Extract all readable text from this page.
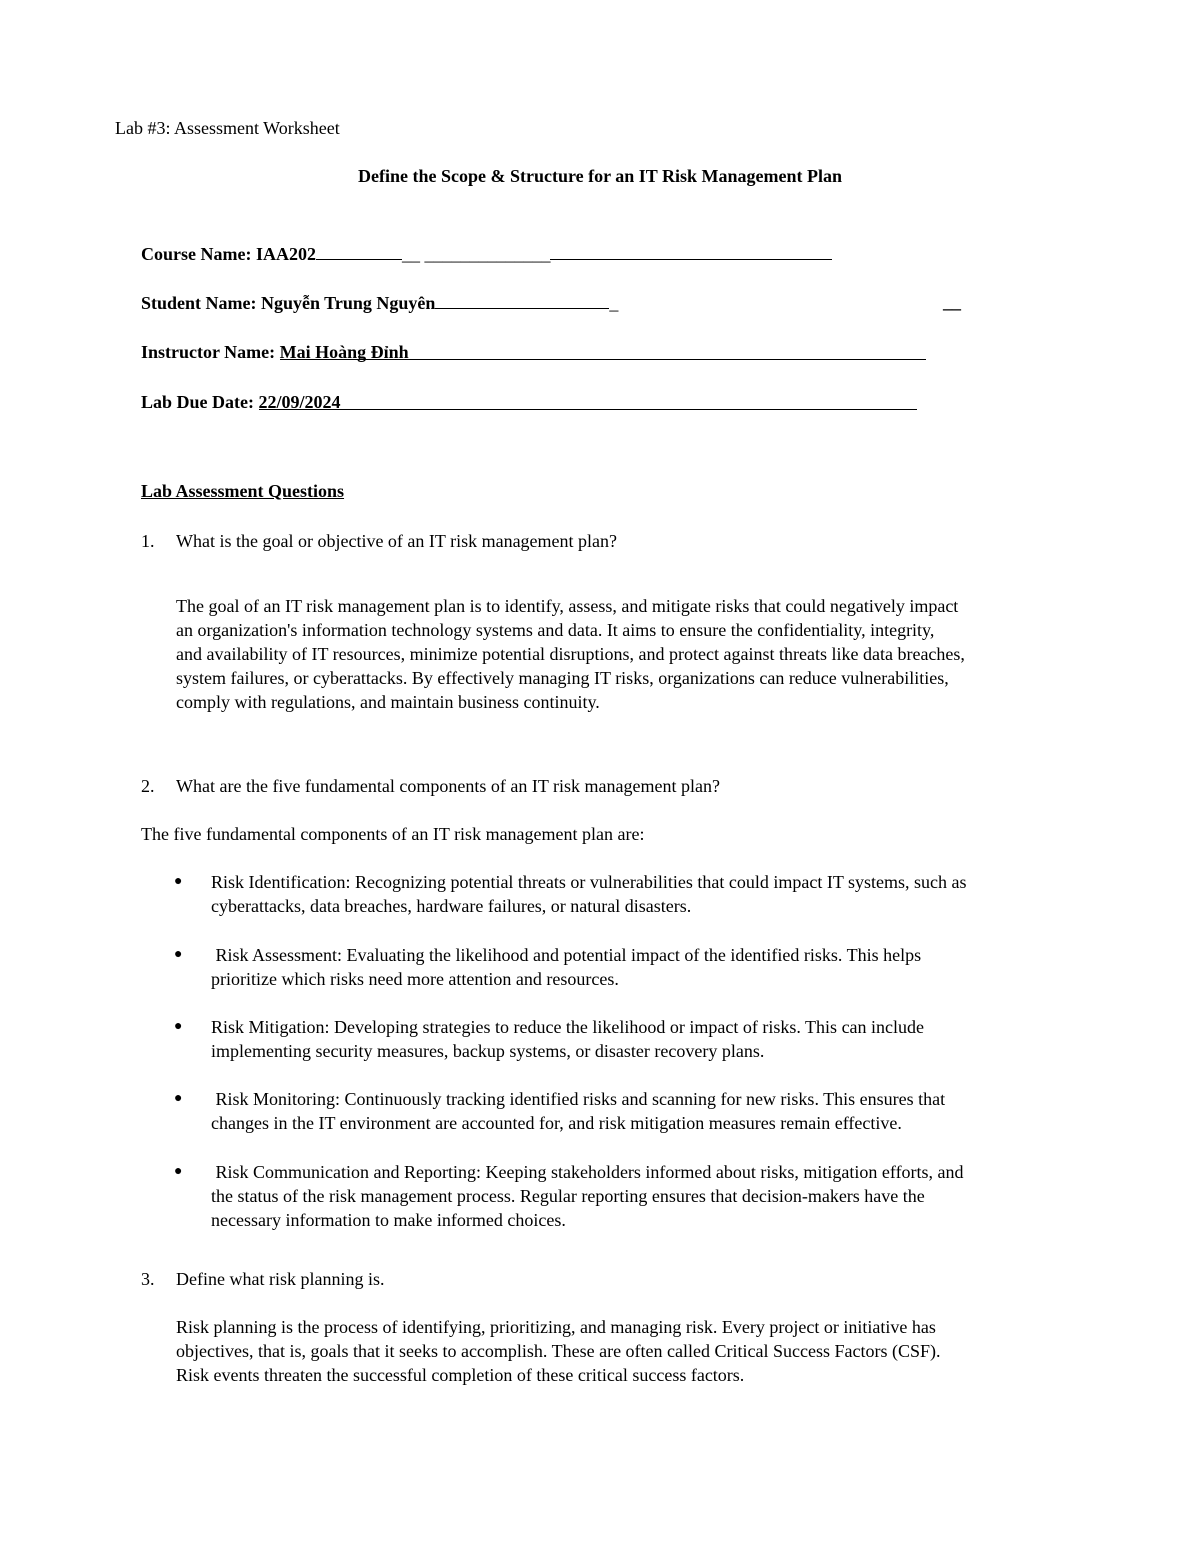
Lab #3: Assessment Worksheet
Define the Scope & Structure for an IT Risk Management Plan
Course Name: IAA202	__ ______________
Student Name: Nguyễn Trung Nguyên	_	__
Instructor Name: Mai Hoàng Đỉnh
Lab Due Date: 22/09/2024
Lab Assessment Questions
1. What is the goal or objective of an IT risk management plan?
The goal of an IT risk management plan is to identify, assess, and mitigate risks that could negatively impact
an organization's information technology systems and data. It aims to ensure the confidentiality, integrity,
and availability of IT resources, minimize potential disruptions, and protect against threats like data breaches,
system failures, or cyberattacks. By effectively managing IT risks, organizations can reduce vulnerabilities,
comply with regulations, and maintain business continuity.
2. What are the five fundamental components of an IT risk management plan?
The five fundamental components of an IT risk management plan are:
● Risk Identification: Recognizing potential threats or vulnerabilities that could impact IT systems, such as
cyberattacks, data breaches, hardware failures, or natural disasters.
● Risk Assessment: Evaluating the likelihood and potential impact of the identified risks. This helps
prioritize which risks need more attention and resources.
● Risk Mitigation: Developing strategies to reduce the likelihood or impact of risks. This can include
implementing security measures, backup systems, or disaster recovery plans.
● Risk Monitoring: Continuously tracking identified risks and scanning for new risks. This ensures that
changes in the IT environment are accounted for, and risk mitigation measures remain effective.
● Risk Communication and Reporting: Keeping stakeholders informed about risks, mitigation efforts, and
the status of the risk management process. Regular reporting ensures that decision-makers have the
necessary information to make informed choices.
3. Define what risk planning is.
Risk planning is the process of identifying, prioritizing, and managing risk. Every project or initiative has
objectives, that is, goals that it seeks to accomplish. These are often called Critical Success Factors (CSF).
Risk events threaten the successful completion of these critical success factors.
